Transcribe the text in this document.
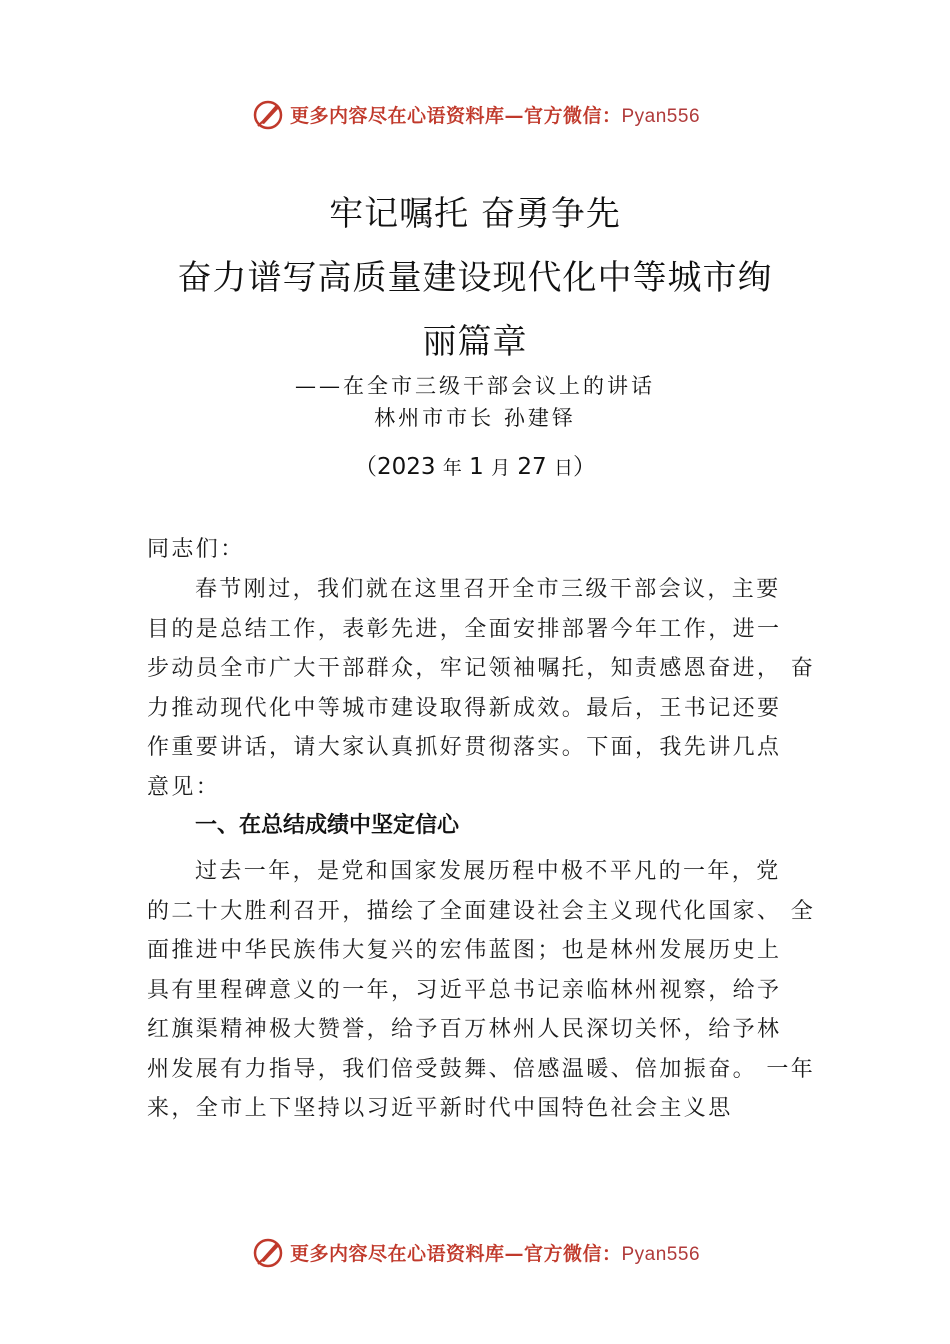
更多内容尽在心语资料库—官方微信：Pyan556
牢记嘱托 奋勇争先
奋力谱写高质量建设现代化中等城市绚
丽篇章
——在全市三级干部会议上的讲话
林州市市长 孙建铎
（2023 年 1 月 27 日）
同志们：
春节刚过，我们就在这里召开全市三级干部会议，主要
目的是总结工作，表彰先进，全面安排部署今年工作，进一
步动员全市广大干部群众，牢记领袖嘱托，知责感恩奋进， 奋
力推动现代化中等城市建设取得新成效。最后，王书记还要
作重要讲话，请大家认真抓好贯彻落实。下面，我先讲几点
意见：
一、在总结成绩中坚定信心
过去一年，是党和国家发展历程中极不平凡的一年，党
的二十大胜利召开，描绘了全面建设社会主义现代化国家、 全
面推进中华民族伟大复兴的宏伟蓝图；也是林州发展历史上
具有里程碑意义的一年，习近平总书记亲临林州视察，给予
红旗渠精神极大赞誉，给予百万林州人民深切关怀，给予林
州发展有力指导，我们倍受鼓舞、倍感温暖、倍加振奋。 一年
来，全市上下坚持以习近平新时代中国特色社会主义思
更多内容尽在心语资料库—官方微信：Pyan556
